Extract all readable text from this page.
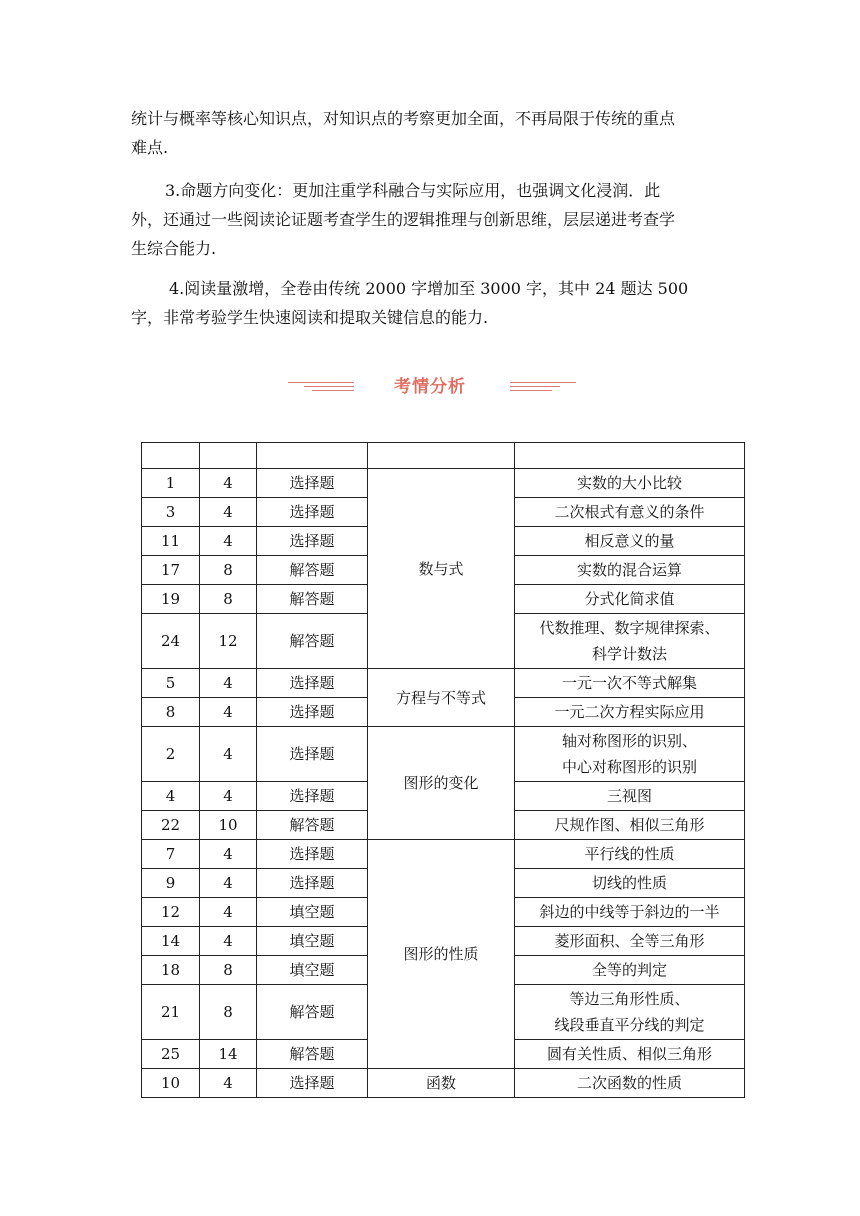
统计与概率等核心知识点，对知识点的考察更加全面，不再局限于传统的重点
难点.

3.命题方向变化：更加注重学科融合与实际应用，也强调文化浸润．此
外，还通过一些阅读论证题考查学生的逻辑推理与创新思维，层层递进考查学
生综合能力.

4.阅读量激增，全卷由传统 2000 字增加至 3000 字，其中 24 题达 500
字，非常考验学生快速阅读和提取关键信息的能力.

考情分析

1	4	选择题	数与式	实数的大小比较
3	4	选择题		二次根式有意义的条件
11	4	选择题		相反意义的量
17	8	解答题		实数的混合运算
19	8	解答题		分式化简求值
24	12	解答题		代数推理、数字规律探索、
科学计数法
5	4	选择题	方程与不等式	一元一次不等式解集
8	4	选择题		一元二次方程实际应用
2	4	选择题	图形的变化	轴对称图形的识别、
中心对称图形的识别
4	4	选择题		三视图
22	10	解答题		尺规作图、相似三角形
7	4	选择题	图形的性质	平行线的性质
9	4	选择题		切线的性质
12	4	填空题		斜边的中线等于斜边的一半
14	4	填空题		菱形面积、全等三角形
18	8	填空题		全等的判定
21	8	解答题		等边三角形性质、
线段垂直平分线的判定
25	14	解答题		圆有关性质、相似三角形
10	4	选择题	函数	二次函数的性质
